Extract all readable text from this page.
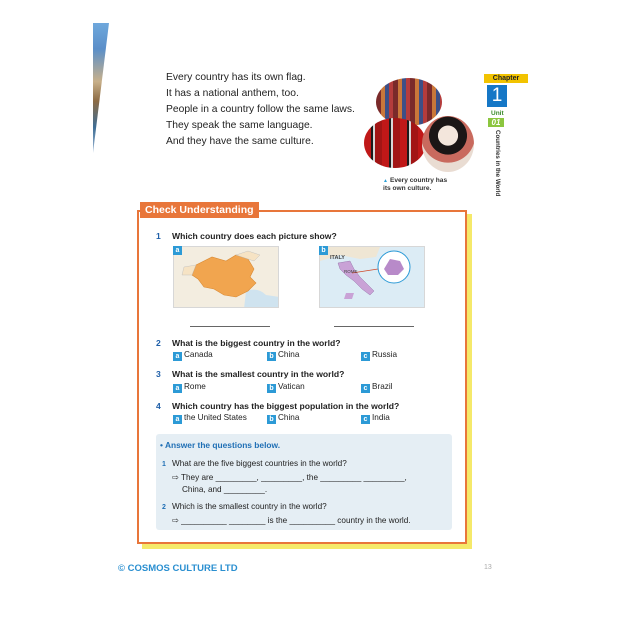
Every country has its own flag.
It has a national anthem, too.
People in a country follow the same laws.
They speak the same language.
And they have the same culture.
▲ Every country has
its own culture.
Chapter
1
Unit
01
Countries in the World
Check Understanding
1 Which country does each picture show?
a	b
ITALY
ROME
2 What is the biggest country in the world?
a Canada	b China	c Russia
3 What is the smallest country in the world?
a Rome	b Vatican	c Brazil
4 Which country has the biggest population in the world?
a the United States	b China	c India
• Answer the questions below.
1 What are the five biggest countries in the world?
⇨ They are _________, _________, the _________ _________,
China, and _________.
2 Which is the smallest country in the world?
⇨ __________ ________ is the __________ country in the world.
© COSMOS CULTURE LTD	13
